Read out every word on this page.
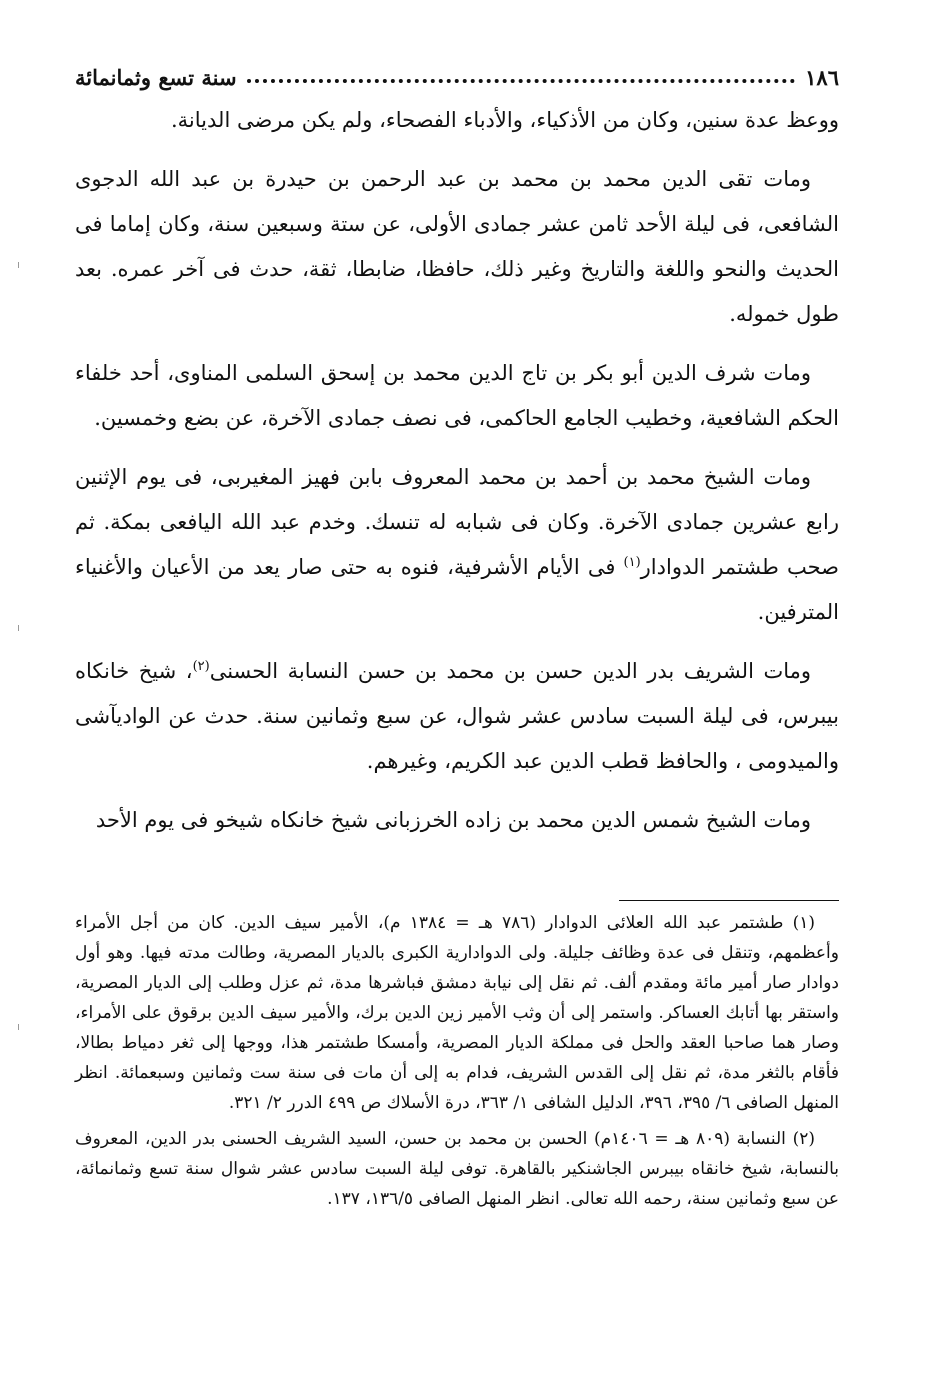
١٨٦
سنة تسع وثمانمائة

ووعظ عدة سنين، وكان من الأذكياء، والأدباء الفصحاء، ولم يكن مرضى الديانة.

ومات تقى الدين محمد بن محمد بن عبد الرحمن بن حيدرة بن عبد الله الدجوى الشافعى، فى ليلة الأحد ثامن عشر جمادى الأولى، عن ستة وسبعين سنة، وكان إماما فى الحديث والنحو واللغة والتاريخ وغير ذلك، حافظا، ضابطا، ثقة، حدث فى آخر عمره. بعد طول خموله.

ومات شرف الدين أبو بكر بن تاج الدين محمد بن إسحق السلمى المناوى، أحد خلفاء الحكم الشافعية، وخطيب الجامع الحاكمى، فى نصف جمادى الآخرة، عن بضع وخمسين.

ومات الشيخ محمد بن أحمد بن محمد المعروف بابن فهيز المغيربى، فى يوم الإثنين رابع عشرين جمادى الآخرة. وكان فى شبابه له تنسك. وخدم عبد الله اليافعى بمكة. ثم صحب طشتمر الدوادار$^{(١)}$ فى الأيام الأشرفية، فنوه به حتى صار يعد من الأعيان والأغنياء المترفين.

ومات الشريف بدر الدين حسن بن محمد بن حسن النسابة الحسنى$^{(٢)}$، شيخ خانكاه بيبرس، فى ليلة السبت سادس عشر شوال، عن سبع وثمانين سنة. حدث عن الواديآشى والميدومى ، والحافظ قطب الدين عبد الكريم، وغيرهم.

ومات الشيخ شمس الدين محمد بن زاده الخرزبانى شيخ خانكاه شيخو فى يوم الأحد

(١) طشتمر عبد الله العلائى الدوادار (٧٨٦ هـ = ١٣٨٤ م)، الأمير سيف الدين. كان من أجل الأمراء وأعظمهم، وتنقل فى عدة وظائف جليلة. ولى الدوادارية الكبرى بالديار المصرية، وطالت مدته فيها. وهو أول دوادار صار أمير مائة ومقدم ألف. ثم نقل إلى نيابة دمشق فباشرها مدة، ثم عزل وطلب إلى الديار المصرية، واستقر بها أتابك العساكر. واستمر إلى أن وثب الأمير زين الدين برك، والأمير سيف الدين برقوق على الأمراء، وصار هما صاحبا العقد والحل فى مملكة الديار المصرية، وأمسكا طشتمر هذا، ووجها إلى ثغر دمياط بطالا، فأقام بالثغر مدة، ثم نقل إلى القدس الشريف، فدام به إلى أن مات فى سنة ست وثمانين وسبعمائة. انظر المنهل الصافى ٦/ ٣٩٥، ٣٩٦، الدليل الشافى ١/ ٣٦٣، درة الأسلاك ص ٤٩٩ الدرر ٢/ ٣٢١.

(٢) النسابة (٨٠٩ هـ = ١٤٠٦م) الحسن بن محمد بن حسن، السيد الشريف الحسنى بدر الدين، المعروف بالنسابة، شيخ خانقاه بيبرس الجاشنكير بالقاهرة. توفى ليلة السبت سادس عشر شوال سنة تسع وثمانمائة، عن سبع وثمانين سنة، رحمه الله تعالى. انظر المنهل الصافى ١٣٦/٥، ١٣٧.
